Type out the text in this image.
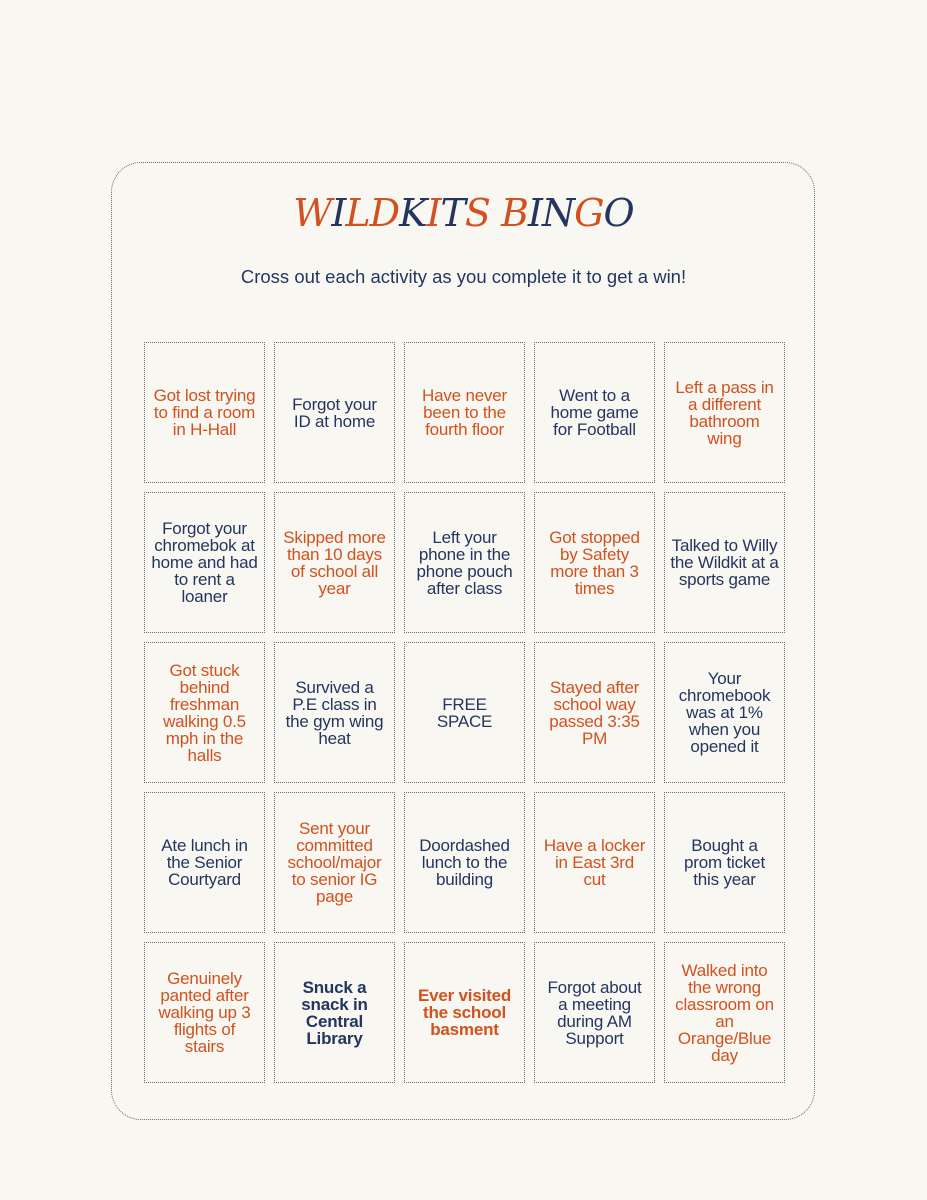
WILDKITS BINGO
Cross out each activity as you complete it to get a win!
Got lost trying to find a room in H-Hall
Forgot your ID at home
Have never been to the fourth floor
Went to a home game for Football
Left a pass in a different bathroom wing
Forgot your chromebok at home and had to rent a loaner
Skipped more than 10 days of school all year
Left your phone in the phone pouch after class
Got stopped by Safety more than 3 times
Talked to Willy the Wildkit at a sports game
Got stuck behind freshman walking 0.5 mph in the halls
Survived a P.E class in the gym wing heat
FREE SPACE
Stayed after school way passed 3:35 PM
Your chromebook was at 1% when you opened it
Ate lunch in the Senior Courtyard
Sent your committed school/major to senior IG page
Doordashed lunch to the building
Have a locker in East 3rd cut
Bought a prom ticket this year
Genuinely panted after walking up 3 flights of stairs
Snuck a snack in Central Library
Ever visited the school basment
Forgot about a meeting during AM Support
Walked into the wrong classroom on an Orange/Blue day
